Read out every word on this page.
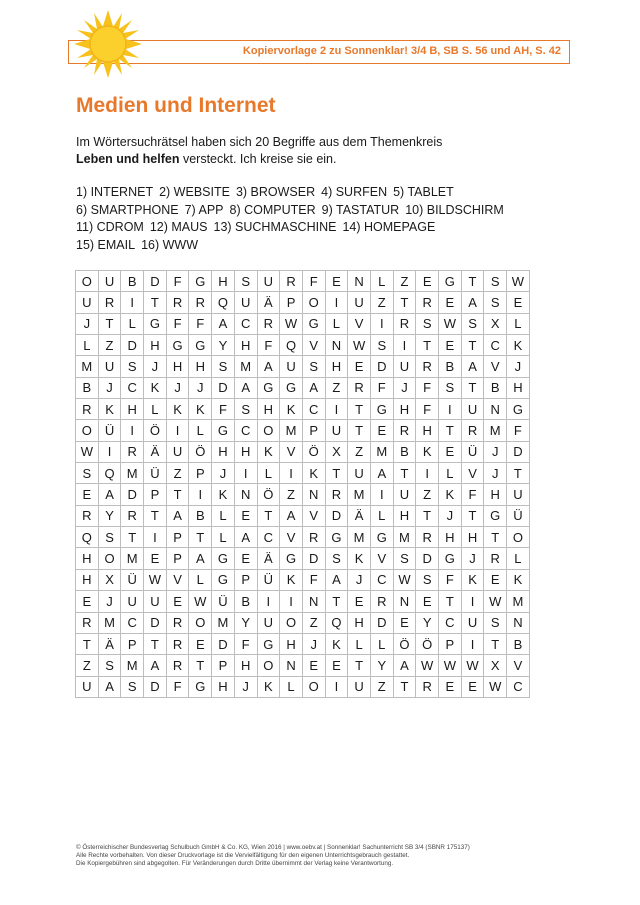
Kopiervorlage 2 zu Sonnenklar! 3/4 B, SB S. 56 und AH, S. 42
Medien und Internet
Im Wörtersuchrätsel haben sich 20 Begriffe aus dem Themenkreis
Leben und helfen versteckt. Ich kreise sie ein.
1) INTERNET 2) WEBSITE 3) BROWSER 4) SURFEN 5) TABLET
6) SMARTPHONE 7) APP 8) COMPUTER 9) TASTATUR 10) BILDSCHIRM
11) CDROM 12) MAUS 13) SUCHMASCHINE 14) HOMEPAGE
15) EMAIL 16) WWW
O	U	B	D	F	G	H	S	U	R	F	E	N	L	Z	E	G	T	S	W
U	R	I	T	R	R	Q	U	Ä	P	O	I	U	Z	T	R	E	A	S	E
J	T	L	G	F	F	A	C	R	W	G	L	V	I	R	S	W	S	X	L
L	Z	D	H	G	G	Y	H	F	Q	V	N	W	S	I	T	E	T	C	K
M	U	S	J	H	H	S	M	A	U	S	H	E	D	U	R	B	A	V	J
B	J	C	K	J	J	D	A	G	G	A	Z	R	F	J	F	S	T	B	H
R	K	H	L	K	K	F	S	H	K	C	I	T	G	H	F	I	U	N	G
O	Ü	I	Ö	I	L	G	C	O	M	P	U	T	E	R	H	T	R	M	F
W	I	R	Ä	U	Ö	H	H	K	V	Ö	X	Z	M	B	K	E	Ü	J	D
S	Q	M	Ü	Z	P	J	I	L	I	K	T	U	A	T	I	L	V	J	T
E	A	D	P	T	I	K	N	Ö	Z	N	R	M	I	U	Z	K	F	H	U
R	Y	R	T	A	B	L	E	T	A	V	D	Ä	L	H	T	J	T	G	Ü
Q	S	T	I	P	T	L	A	C	V	R	G	M	G	M	R	H	H	T	O
H	O	M	E	P	A	G	E	Ä	G	D	S	K	V	S	D	G	J	R	L
H	X	Ü	W	V	L	G	P	Ü	K	F	A	J	C	W	S	F	K	E	K
E	J	U	U	E	W	Ü	B	I	I	N	T	E	R	N	E	T	I	W	M
R	M	C	D	R	O	M	Y	U	O	Z	Q	H	D	E	Y	C	U	S	N
T	Ä	P	T	R	E	D	F	G	H	J	K	L	L	Ö	Ö	P	I	T	B
Z	S	M	A	R	T	P	H	O	N	E	E	T	Y	A	W	W	W	X	V
U	A	S	D	F	G	H	J	K	L	O	I	U	Z	T	R	E	E	W	C
© Österreichischer Bundesverlag Schulbuch GmbH & Co. KG, Wien 2016 | www.oebv.at | Sonnenklar! Sachunterricht SB 3/4 (SBNR 175137)
Alle Rechte vorbehalten. Von dieser Druckvorlage ist die Vervielfältigung für den eigenen Unterrichtsgebrauch gestattet.
Die Kopiergebühren sind abgegolten. Für Veränderungen durch Dritte übernimmt der Verlag keine Verantwortung.
